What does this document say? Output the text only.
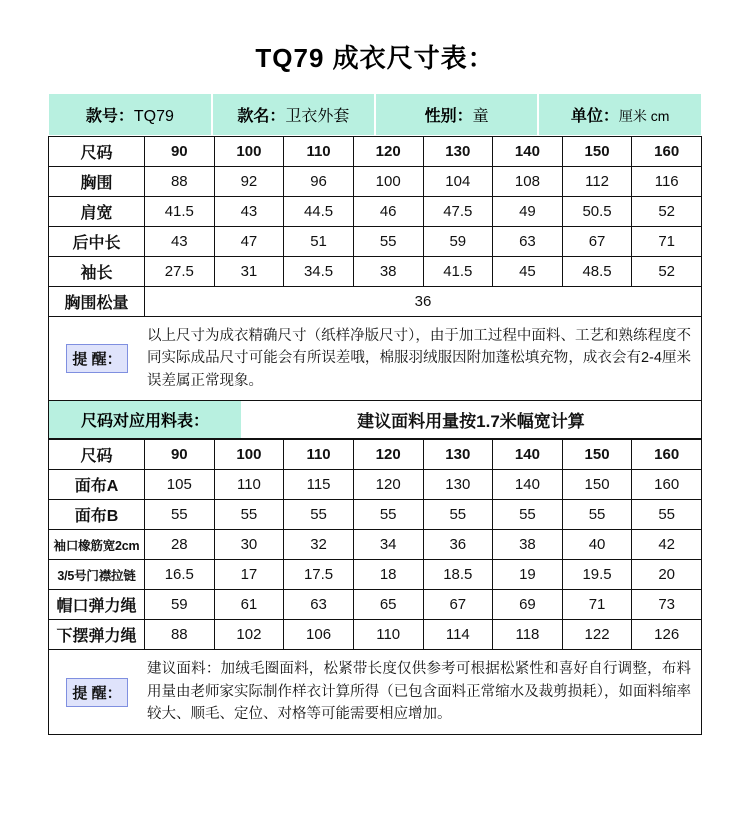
TQ79 成衣尺寸表：
款号：TQ79	款名：卫衣外套	性别：童	单位：厘米 cm
尺码	90	100	110	120	130	140	150	160
胸围	88	92	96	100	104	108	112	116
肩宽	41.5	43	44.5	46	47.5	49	50.5	52
后中长	43	47	51	55	59	63	67	71
袖长	27.5	31	34.5	38	41.5	45	48.5	52
胸围松量	36							
提 醒：
以上尺寸为成衣精确尺寸（纸样净版尺寸），由于加工过程中面料、工艺和熟练程度不同实际成品尺寸可能会有所误差哦，棉服羽绒服因附加蓬松填充物，成衣会有2-4厘米误差属正常现象。
尺码对应用料表：	建议面料用量按1.7米幅宽计算
尺码	90	100	110	120	130	140	150	160
面布A	105	110	115	120	130	140	150	160
面布B	55	55	55	55	55	55	55	55
袖口橡筋宽2cm	28	30	32	34	36	38	40	42
3/5号门襟拉链	16.5	17	17.5	18	18.5	19	19.5	20
帽口弹力绳	59	61	63	65	67	69	71	73
下摆弹力绳	88	102	106	110	114	118	122	126
提 醒：
建议面料：加绒毛圈面料，松紧带长度仅供参考可根据松紧性和喜好自行调整，布料用量由老师家实际制作样衣计算所得（已包含面料正常缩水及裁剪损耗），如面料缩率较大、顺毛、定位、对格等可能需要相应增加。
